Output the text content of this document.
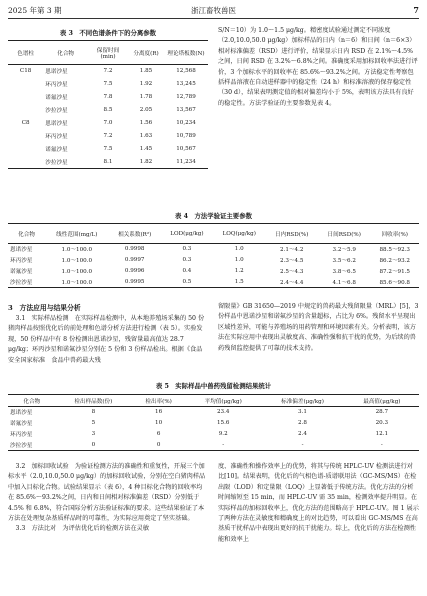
2025 年第 3 期	浙江畜牧兽医	7
表 3　不同色谱条件下的分离参数
色谱柱	化合物	保留时间(min)	分离度(R)	理论塔板数(N)
C18	恩诺沙星	7.2	1.85	12,568
	环丙沙星	7.5	1.92	13,245
	诺氟沙星	7.8	1.78	12,789
	沙拉沙星	8.5	2.05	13,567
C8	恩诺沙星	7.0	1.56	10,234
	环丙沙星	7.2	1.63	10,789
	诺氟沙星	7.5	1.45	10,567
	沙拉沙星	8.1	1.82	11,234

S/N＝10）为 1.0～1.5 μg/kg。精密度试验通过测定不同浓度（2.0,10.0,50.0 μg/kg）加标样品的日内（n＝6）和日间（n＝6×3）相对标准偏差（RSD）进行评价，结果显示日内 RSD 在 2.1%～4.5%之间，日间 RSD 在 3.2%～6.8%之间。准确度采用加标回收率法进行评价，3 个加标水平的回收率在 85.6%～93.2%之间。方法稳定性考察包括样品溶液在自动进样器中的稳定性（24 h）和标准溶液的保存稳定性（30 d），结果表明测定值的相对偏差均小于 5%，表明该方法具有良好的稳定性。方法学验证的主要参数见表 4。

表 4　方法学验证主要参数
化合物	线性范围(mg/L)	相关系数(R²)	LOD(μg/kg)	LOQ(μg/kg)	日内RSD(%)	日间RSD(%)	回收率(%)
恩诺沙星	1.0～100.0	0.9998	0.3	1.0	2.1～4.2	3.2～5.9	88.5～92.3
环丙沙星	1.0～100.0	0.9997	0.3	1.0	2.3～4.5	3.5～6.2	86.2～93.2
诺氟沙星	1.0～100.0	0.9996	0.4	1.2	2.5～4.3	3.8～6.5	87.2～91.5
沙拉沙星	1.0～100.0	0.9995	0.5	1.5	2.4～4.4	4.1～6.8	85.6～90.8
3　方法应用与结果分析

3.1　实际样品检测　在实际样品检测中，从本地养殖场采集的 50 份猪肉样品按照优化后的前处理和色谱分析方法进行检测（表 5）。实验发现，50 份样品中有 8 份检测出恩诺沙星，残留量最高值达 28.7 μg/kg；环丙沙星和诺氟沙星分别在 5 份和 3 份样品检出。根据《食品安全国家标准　食品中兽药最大残

留限量》GB 31650—2019 中规定的兽药最大残留限量（MRL）[5]，3 份样品中恩诺沙星和诺氟沙星的含量超标，占比为 6%。残留水平呈现出区域性差异，可能与养殖场的用药管理和环境因素有关。分析表明，该方法在实际应用中表现出灵敏度高、准确性强和抗干扰的优势，为后续的兽药残留监控提供了可靠的技术支持。

表 5　实际样品中兽药残留检测结果统计
化合物	检出样品数(份)	检出率(%)	平均值(μg/kg)	标准偏差(μg/kg)	最高值(μg/kg)
恩诺沙星	8	16	23.4	3.1	28.7
诺氟沙星	5	10	15.6	2.8	20.3
环丙沙星	3	6	9.2	2.4	12.1
沙拉沙星	0	0	-	-	-

3.2　加标回收试验　为验证检测方法的准确性和重复性，开展三个加标水平（2.0,10.0,50.0 μg/kg）的加标回收试验，分别在空白猪肉样品中加入目标化合物。试验结果显示（表 6），4 种目标化合物的回收率均在 85.6%～93.2%之间，日内和日间相对标准偏差（RSD）分别低于 4.5% 和 6.8%，符合国际分析方法验证标准的要求。这些结果验证了本方法在处理复杂基质样品时的可靠性，为实际应用奠定了坚实基础。

3.3　方法比对　为评估优化后的检测方法在灵敏

度、准确性和操作效率上的优势，将其与传统 HPLC-UV 检测法进行对比[10]。结果表明，优化后的气相色谱-质谱联用法（GC-MS/MS）在检出限（LOD）和定量限（LOQ）上显著低于传统方法。优化方法的分析时间缩短至 15 min，而 HPLC-UV 需 35 min，检测效率提升明显。在实际样品的加标回收率上，优化方法的范围略高于 HPLC-UV。图 1 展示了两种方法在灵敏度和精确度上的对比趋势，可以看出 GC-MS/MS 在高基质干扰样品中表现出更好的抗干扰能力。综上，优化后的方法在检测性能和效率上
